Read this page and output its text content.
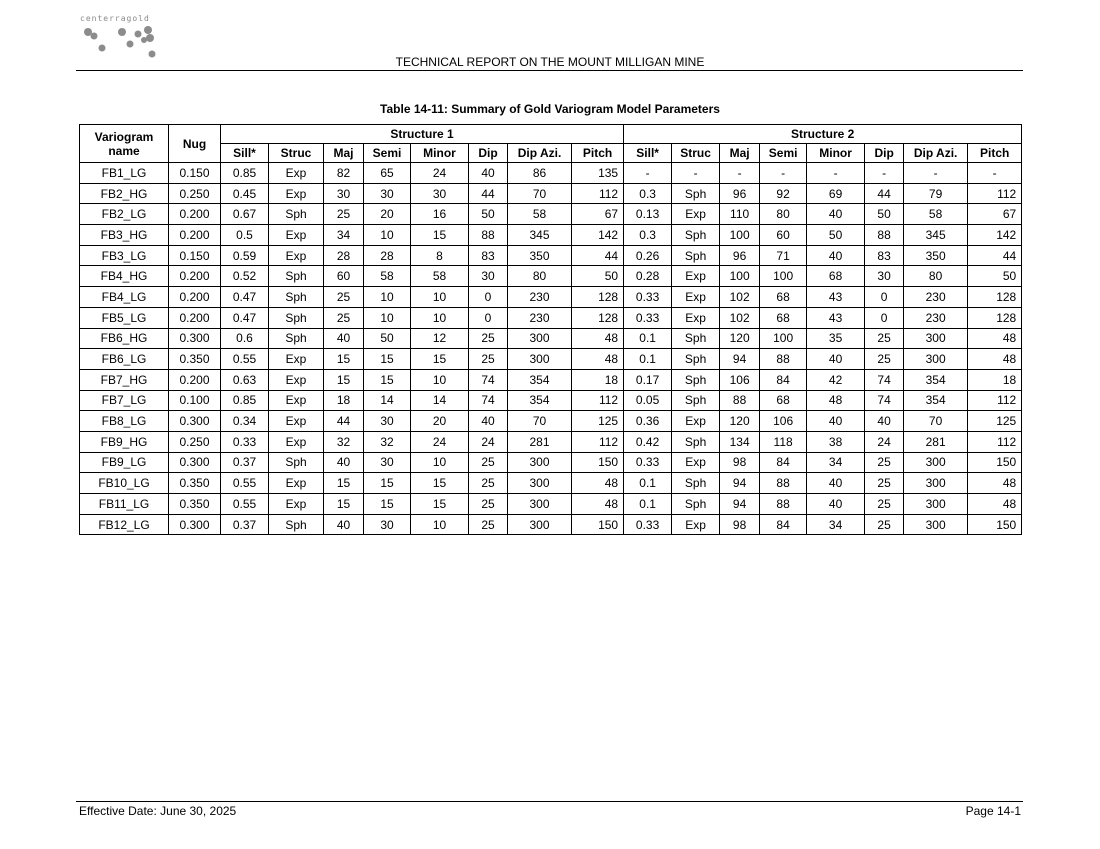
centerragold
TECHNICAL REPORT ON THE MOUNT MILLIGAN MINE
Table 14-11: Summary of Gold Variogram Model Parameters
Variogram name	Nug	Structure 1								Structure 2							
		Sill*	Struc	Maj	Semi	Minor	Dip	Dip Azi.	Pitch	Sill*	Struc	Maj	Semi	Minor	Dip	Dip Azi.	Pitch
FB1_LG	0.150	0.85	Exp	82	65	24	40	86	135	-	-	-	-	-	-	-	-
FB2_HG	0.250	0.45	Exp	30	30	30	44	70	112	0.3	Sph	96	92	69	44	79	112
FB2_LG	0.200	0.67	Sph	25	20	16	50	58	67	0.13	Exp	110	80	40	50	58	67
FB3_HG	0.200	0.5	Exp	34	10	15	88	345	142	0.3	Sph	100	60	50	88	345	142
FB3_LG	0.150	0.59	Exp	28	28	8	83	350	44	0.26	Sph	96	71	40	83	350	44
FB4_HG	0.200	0.52	Sph	60	58	58	30	80	50	0.28	Exp	100	100	68	30	80	50
FB4_LG	0.200	0.47	Sph	25	10	10	0	230	128	0.33	Exp	102	68	43	0	230	128
FB5_LG	0.200	0.47	Sph	25	10	10	0	230	128	0.33	Exp	102	68	43	0	230	128
FB6_HG	0.300	0.6	Sph	40	50	12	25	300	48	0.1	Sph	120	100	35	25	300	48
FB6_LG	0.350	0.55	Exp	15	15	15	25	300	48	0.1	Sph	94	88	40	25	300	48
FB7_HG	0.200	0.63	Exp	15	15	10	74	354	18	0.17	Sph	106	84	42	74	354	18
FB7_LG	0.100	0.85	Exp	18	14	14	74	354	112	0.05	Sph	88	68	48	74	354	112
FB8_LG	0.300	0.34	Exp	44	30	20	40	70	125	0.36	Exp	120	106	40	40	70	125
FB9_HG	0.250	0.33	Exp	32	32	24	24	281	112	0.42	Sph	134	118	38	24	281	112
FB9_LG	0.300	0.37	Sph	40	30	10	25	300	150	0.33	Exp	98	84	34	25	300	150
FB10_LG	0.350	0.55	Exp	15	15	15	25	300	48	0.1	Sph	94	88	40	25	300	48
FB11_LG	0.350	0.55	Exp	15	15	15	25	300	48	0.1	Sph	94	88	40	25	300	48
FB12_LG	0.300	0.37	Sph	40	30	10	25	300	150	0.33	Exp	98	84	34	25	300	150
Effective Date: June 30, 2025	Page 14-1
